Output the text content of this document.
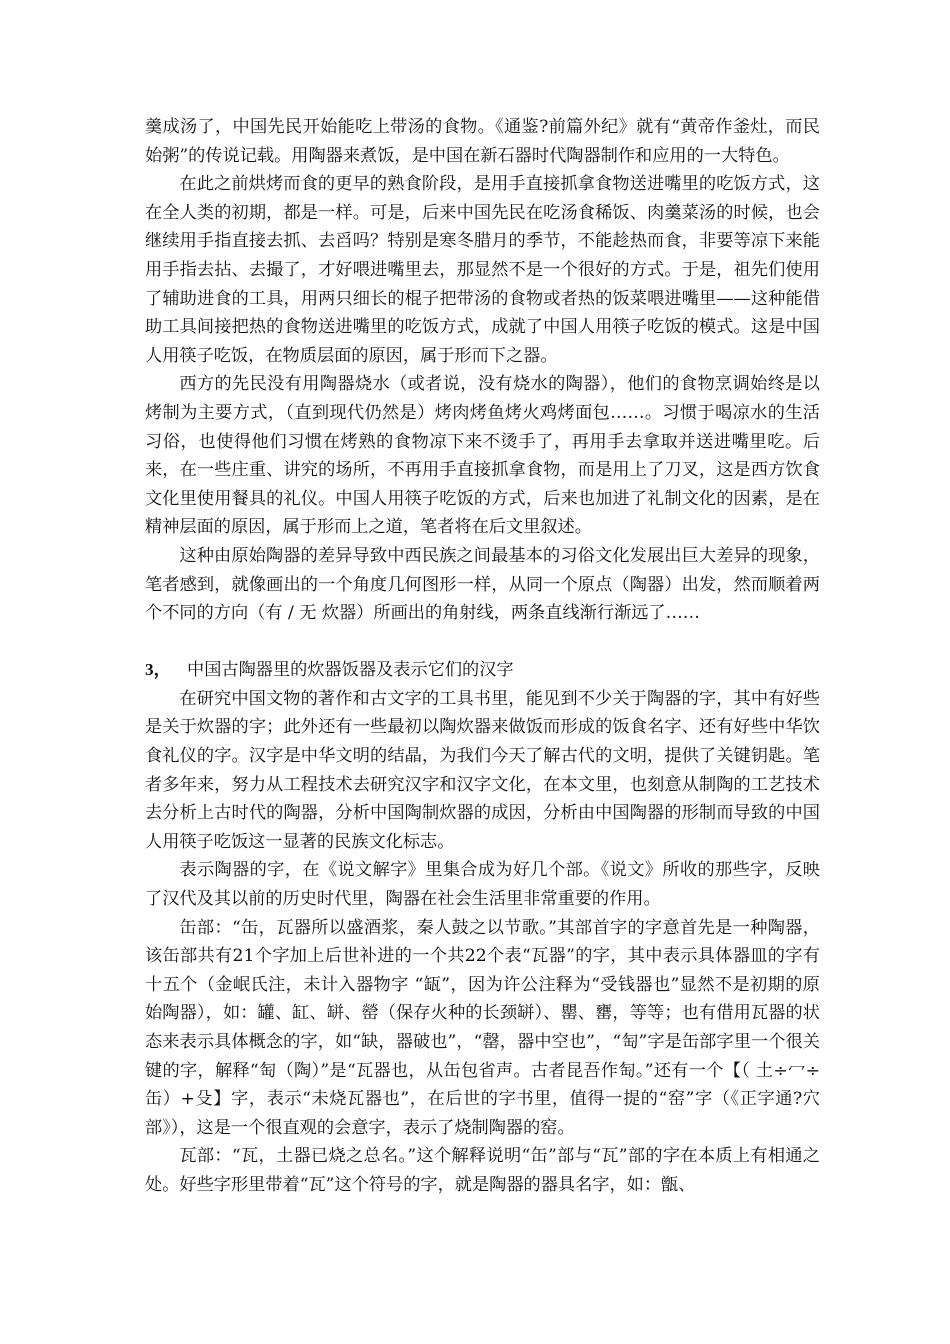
羹成汤了，中国先民开始能吃上带汤的食物。《通鉴?前篇外纪》就有“黄帝作釜灶，而民始粥”的传说记载。用陶器来煮饭，是中国在新石器时代陶器制作和应用的一大特色。

在此之前烘烤而食的更早的熟食阶段，是用手直接抓拿食物送进嘴里的吃饭方式，这在全人类的初期，都是一样。可是，后来中国先民在吃汤食稀饭、肉羹菜汤的时候，也会继续用手指直接去抓、去舀吗？特别是寒冬腊月的季节，不能趁热而食，非要等凉下来能用手指去拈、去撮了，才好喂进嘴里去，那显然不是一个很好的方式。于是，祖先们使用了辅助进食的工具，用两只细长的棍子把带汤的食物或者热的饭菜喂进嘴里——这种能借助工具间接把热的食物送进嘴里的吃饭方式，成就了中国人用筷子吃饭的模式。这是中国人用筷子吃饭，在物质层面的原因，属于形而下之器。

西方的先民没有用陶器烧水（或者说，没有烧水的陶器），他们的食物烹调始终是以烤制为主要方式，（直到现代仍然是）烤肉烤鱼烤火鸡烤面包……。习惯于喝凉水的生活习俗，也使得他们习惯在烤熟的食物凉下来不烫手了，再用手去拿取并送进嘴里吃。后来，在一些庄重、讲究的场所，不再用手直接抓拿食物，而是用上了刀叉，这是西方饮食文化里使用餐具的礼仪。中国人用筷子吃饭的方式，后来也加进了礼制文化的因素，是在精神层面的原因，属于形而上之道，笔者将在后文里叙述。

这种由原始陶器的差异导致中西民族之间最基本的习俗文化发展出巨大差异的现象，笔者感到，就像画出的一个角度几何图形一样，从同一个原点（陶器）出发，然而顺着两个不同的方向（有 / 无 炊器）所画出的角射线，两条直线渐行渐远了……

3， 中国古陶器里的炊器饭器及表示它们的汉字

在研究中国文物的著作和古文字的工具书里，能见到不少关于陶器的字，其中有好些是关于炊器的字；此外还有一些最初以陶炊器来做饭而形成的饭食名字、还有好些中华饮食礼仪的字。汉字是中华文明的结晶，为我们今天了解古代的文明，提供了关键钥匙。笔者多年来，努力从工程技术去研究汉字和汉字文化，在本文里，也刻意从制陶的工艺技术去分析上古时代的陶器，分析中国陶制炊器的成因，分析由中国陶器的形制而导致的中国人用筷子吃饭这一显著的民族文化标志。

表示陶器的字，在《说文解字》里集合成为好几个部。《说文》所收的那些字，反映了汉代及其以前的历史时代里，陶器在社会生活里非常重要的作用。

缶部：“缶，瓦器所以盛酒浆，秦人鼓之以节歌。”其部首字的字意首先是一种陶器，该缶部共有21个字加上后世补进的一个共22个表“瓦器”的字，其中表示具体器皿的字有十五个（金岷氏注，未计入器物字 “缻”，因为许公注释为“受钱器也”显然不是初期的原始陶器），如：罐、缸、缾、罃（保存火种的长颈缾）、罌、罋，等等；也有借用瓦器的状态来表示具体概念的字，如“缺，器破也”，“罄，器中空也”，“匋”字是缶部字里一个很关键的字，解释“匋（陶）”是“瓦器也，从缶包省声。古者昆吾作匋。”还有一个【（ 土÷冖÷缶）+殳】字，表示“未烧瓦器也”，在后世的字书里，值得一提的“窑”字（《正字通?穴部》），这是一个很直观的会意字，表示了烧制陶器的窑。

瓦部：“瓦，土器已烧之总名。”这个解释说明“缶”部与“瓦”部的字在本质上有相通之处。好些字形里带着“瓦”这个符号的字，就是陶器的器具名字，如：甑、
